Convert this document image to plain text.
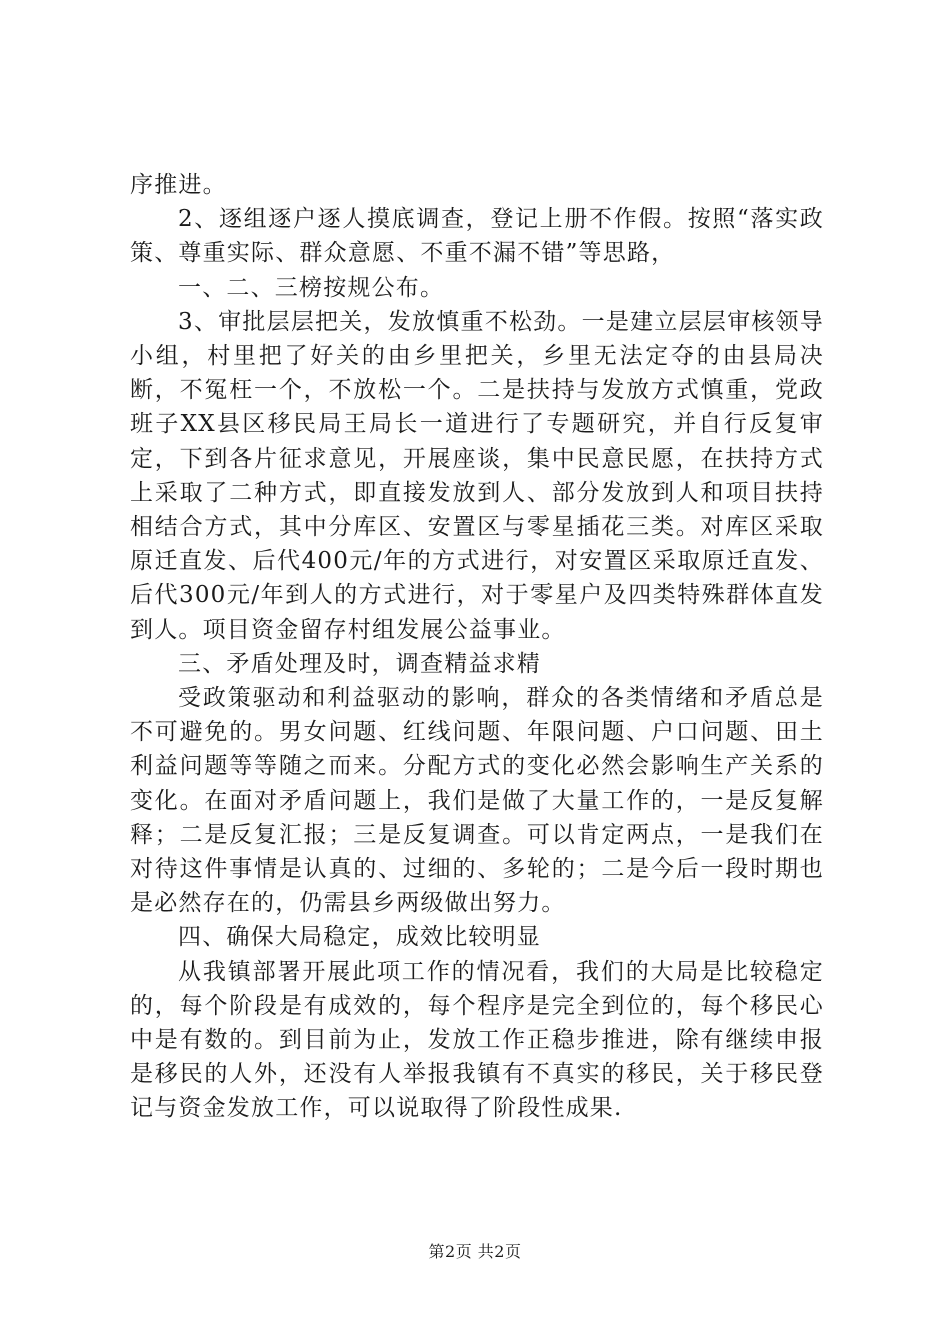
序推进。

2、逐组逐户逐人摸底调查，登记上册不作假。按照“落实政策、尊重实际、群众意愿、不重不漏不错”等思路，

一、二、三榜按规公布。

3、审批层层把关，发放慎重不松劲。一是建立层层审核领导小组，村里把了好关的由乡里把关，乡里无法定夺的由县局决断，不冤枉一个，不放松一个。二是扶持与发放方式慎重，党政班子XX县区移民局王局长一道进行了专题研究，并自行反复审定，下到各片征求意见，开展座谈，集中民意民愿，在扶持方式上采取了二种方式，即直接发放到人、部分发放到人和项目扶持相结合方式，其中分库区、安置区与零星插花三类。对库区采取原迁直发、后代400元/年的方式进行，对安置区采取原迁直发、后代300元/年到人的方式进行，对于零星户及四类特殊群体直发到人。项目资金留存村组发展公益事业。

三、矛盾处理及时，调查精益求精

受政策驱动和利益驱动的影响，群众的各类情绪和矛盾总是不可避免的。男女问题、红线问题、年限问题、户口问题、田土利益问题等等随之而来。分配方式的变化必然会影响生产关系的变化。在面对矛盾问题上，我们是做了大量工作的，一是反复解释；二是反复汇报；三是反复调查。可以肯定两点，一是我们在对待这件事情是认真的、过细的、多轮的；二是今后一段时期也是必然存在的，仍需县乡两级做出努力。

四、确保大局稳定，成效比较明显

从我镇部署开展此项工作的情况看，我们的大局是比较稳定的，每个阶段是有成效的，每个程序是完全到位的，每个移民心中是有数的。到目前为止，发放工作正稳步推进，除有继续申报是移民的人外，还没有人举报我镇有不真实的移民，关于移民登记与资金发放工作，可以说取得了阶段性成果.

第2页 共2页
